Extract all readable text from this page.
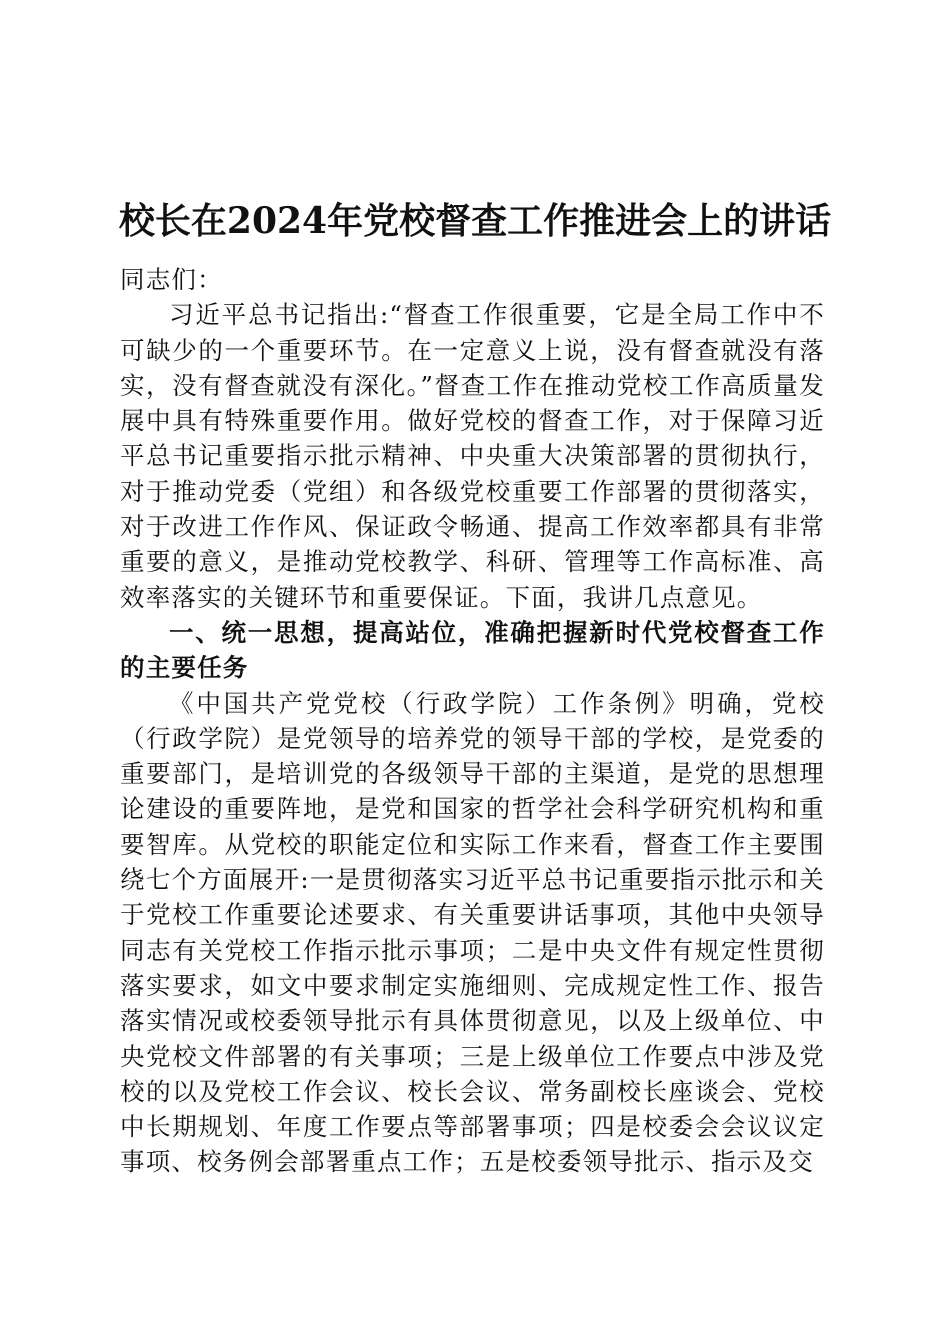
校长在2024年党校督查工作推进会上的讲话

同志们：

习近平总书记指出:“督查工作很重要，它是全局工作中不可缺少的一个重要环节。在一定意义上说，没有督查就没有落实，没有督查就没有深化。”督查工作在推动党校工作高质量发展中具有特殊重要作用。做好党校的督查工作，对于保障习近平总书记重要指示批示精神、中央重大决策部署的贯彻执行，对于推动党委（党组）和各级党校重要工作部署的贯彻落实，对于改进工作作风、保证政令畅通、提高工作效率都具有非常重要的意义，是推动党校教学、科研、管理等工作高标准、高效率落实的关键环节和重要保证。下面，我讲几点意见。

一、统一思想，提高站位，准确把握新时代党校督查工作的主要任务

《中国共产党党校（行政学院）工作条例》明确，党校（行政学院）是党领导的培养党的领导干部的学校，是党委的重要部门，是培训党的各级领导干部的主渠道，是党的思想理论建设的重要阵地，是党和国家的哲学社会科学研究机构和重要智库。从党校的职能定位和实际工作来看，督查工作主要围绕七个方面展开:一是贯彻落实习近平总书记重要指示批示和关于党校工作重要论述要求、有关重要讲话事项，其他中央领导同志有关党校工作指示批示事项；二是中央文件有规定性贯彻落实要求，如文中要求制定实施细则、完成规定性工作、报告落实情况或校委领导批示有具体贯彻意见，以及上级单位、中央党校文件部署的有关事项；三是上级单位工作要点中涉及党校的以及党校工作会议、校长会议、常务副校长座谈会、党校中长期规划、年度工作要点等部署事项；四是校委会会议议定事项、校务例会部署重点工作；五是校委领导批示、指示及交
